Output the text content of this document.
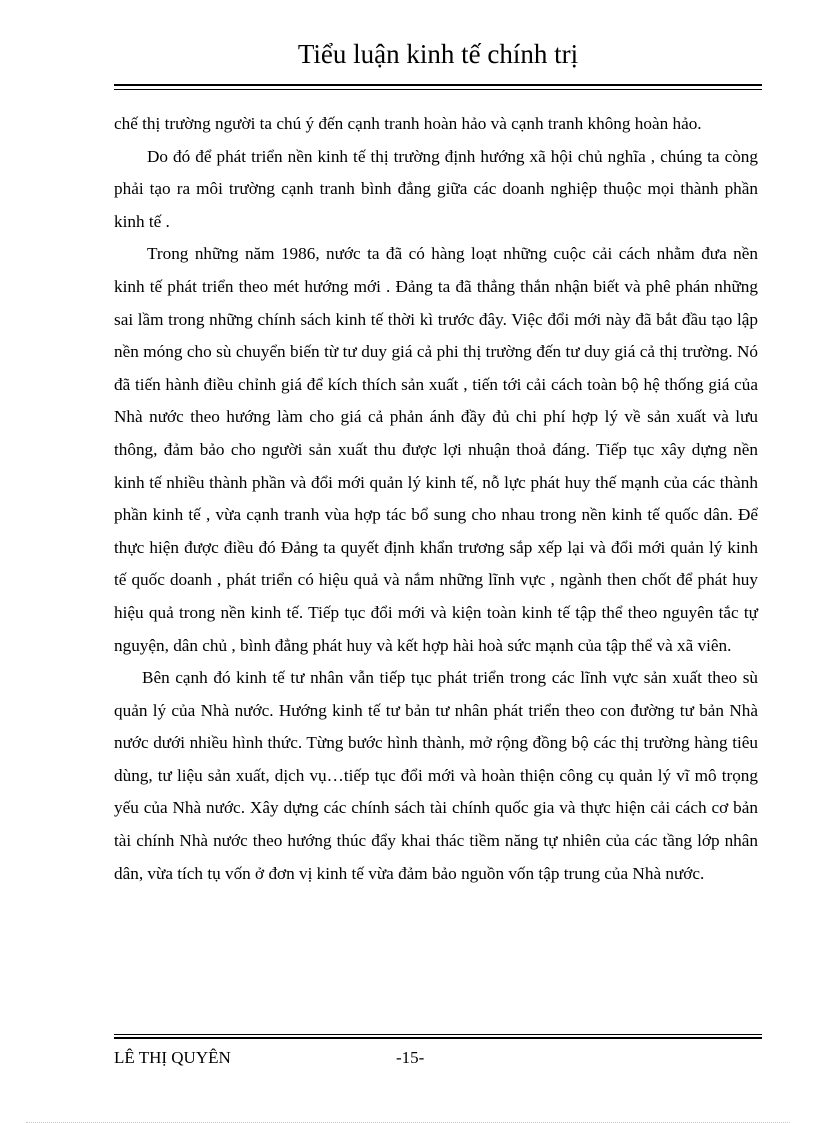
Tiểu luận kinh tế chính trị

chế thị trường người ta chú ý đến cạnh tranh hoàn hảo và cạnh tranh không hoàn hảo.

Do đó để phát triển nền kinh tế thị trường định hướng xã hội chủ nghĩa , chúng ta còng phải tạo ra môi trường cạnh tranh bình đẳng giữa các doanh nghiệp thuộc mọi thành phần kinh tế .

Trong những năm 1986, nước ta đã có hàng loạt những cuộc cải cách nhằm đưa nền kinh tế phát triển theo mét hướng mới . Đảng ta đã thẳng thắn nhận biết và phê phán những sai lầm trong những chính sách kinh tế thời kì trước đây. Việc đổi mới này đã bắt đầu tạo lập nền móng cho sù chuyển biến từ tư duy giá cả phi thị trường đến tư duy giá cả thị trường. Nó đã tiến hành điều chỉnh giá để kích thích sản xuất , tiến tới cải cách toàn bộ hệ thống giá của Nhà nước theo hướng làm cho giá cả phản ánh đầy đủ chi phí hợp lý về sản xuất và lưu thông, đảm bảo cho người sản xuất thu được lợi nhuận thoả đáng. Tiếp tục xây dựng nền kinh tế nhiều thành phần và đổi mới quản lý kinh tế, nỗ lực phát huy thế mạnh của các thành phần kinh tế , vừa cạnh tranh vùa hợp tác bổ sung cho nhau trong nền kinh tế quốc dân. Để thực hiện được điều đó Đảng ta quyết định khẩn trương sắp xếp lại và đổi mới quản lý kinh tế quốc doanh , phát triển có hiệu quả và nắm những lĩnh vực , ngành then chốt để phát huy hiệu quả trong nền kinh tế. Tiếp tục đổi mới và kiện toàn kinh tế tập thể theo nguyên tắc tự nguyện, dân chủ , bình đẳng phát huy và kết hợp hài hoà sức mạnh của tập thể và xã viên.

Bên cạnh đó kinh tế tư nhân vẫn tiếp tục phát triển trong các lĩnh vực sản xuất theo sù quản lý của Nhà nước. Hướng kinh tế tư bản tư nhân phát triển theo con đường tư bản Nhà nước dưới nhiều hình thức. Từng bước hình thành, mở rộng đồng bộ các thị trường hàng tiêu dùng, tư liệu sản xuất, dịch vụ…tiếp tục đổi mới và hoàn thiện công cụ quản lý vĩ mô trọng yếu của Nhà nước. Xây dựng các chính sách tài chính quốc gia và thực hiện cải cách cơ bản tài chính Nhà nước theo hướng thúc đẩy khai thác tiềm năng tự nhiên của các tầng lớp nhân dân, vừa tích tụ vốn ở đơn vị kinh tế vừa đảm bảo nguồn vốn tập trung của Nhà nước.

LÊ THỊ QUYÊN	-15-
